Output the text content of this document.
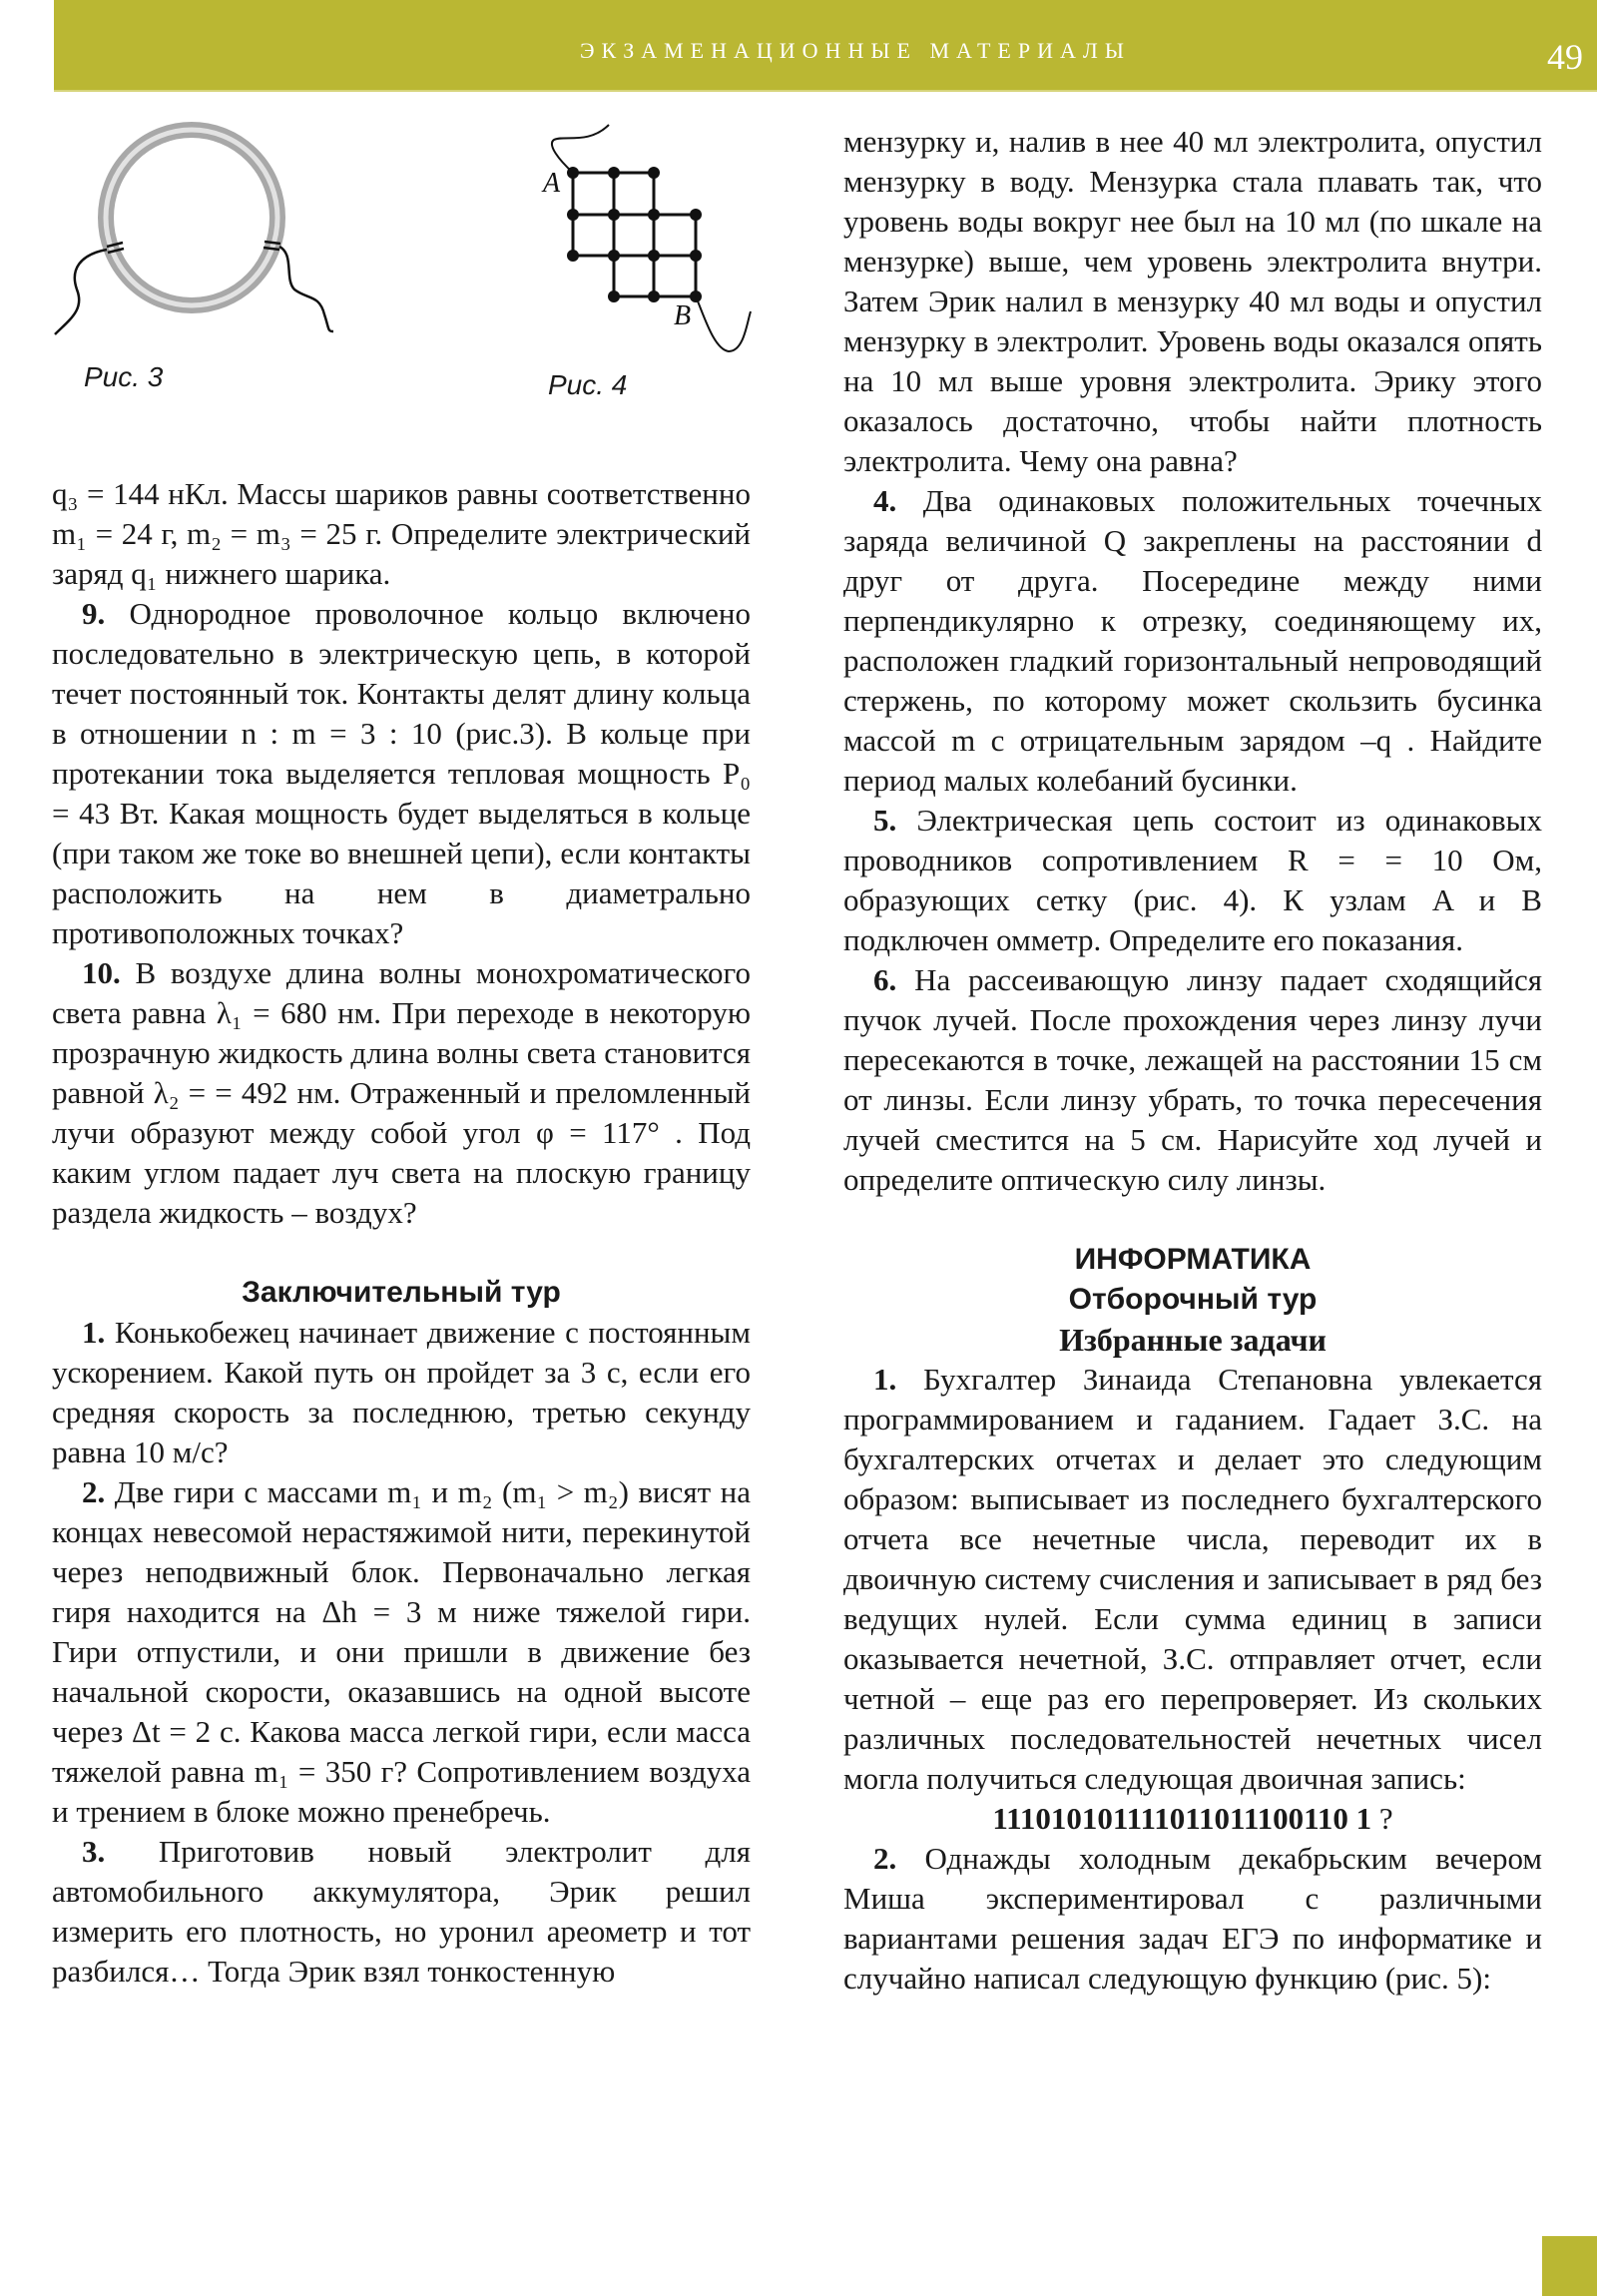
ЭКЗАМЕНАЦИОННЫЕ МАТЕРИАЛЫ	49
Рис. 3
A
B
Рис. 4

q₃ = 144 нКл. Массы шариков равны соответственно m₁ = 24 г, m₂ = m₃ = 25 г. Определите электрический заряд q₁ нижнего шарика.

9. Однородное проволочное кольцо включено последовательно в электрическую цепь, в которой течет постоянный ток. Контакты делят длину кольца в отношении n : m = 3 : 10 (рис.3). В кольце при протекании тока выделяется тепловая мощность P₀ = 43 Вт. Какая мощность будет выделяться в кольце (при таком же токе во внешней цепи), если контакты расположить на нем в диаметрально противоположных точках?

10. В воздухе длина волны монохроматического света равна λ₁ = 680 нм. При переходе в некоторую прозрачную жидкость длина волны света становится равной λ₂ = = 492 нм. Отраженный и преломленный лучи образуют между собой угол φ = 117° . Под каким углом падает луч света на плоскую границу раздела жидкость – воздух?

Заключительный тур

1. Конькобежец начинает движение с постоянным ускорением. Какой путь он пройдет за 3 с, если его средняя скорость за последнюю, третью секунду равна 10 м/с?

2. Две гири с массами m₁ и m₂ (m₁ > m₂) висят на концах невесомой нерастяжимой нити, перекинутой через неподвижный блок. Первоначально легкая гиря находится на Δh = 3 м ниже тяжелой гири. Гири отпустили, и они пришли в движение без начальной скорости, оказавшись на одной высоте через Δt = 2 с. Какова масса легкой гири, если масса тяжелой равна m₁ = 350 г? Сопротивлением воздуха и трением в блоке можно пренебречь.

3. Приготовив новый электролит для автомобильного аккумулятора, Эрик решил измерить его плотность, но уронил ареометр и тот разбился… Тогда Эрик взял тонкостенную

мензурку и, налив в нее 40 мл электролита, опустил мензурку в воду. Мензурка стала плавать так, что уровень воды вокруг нее был на 10 мл (по шкале на мензурке) выше, чем уровень электролита внутри. Затем Эрик налил в мензурку 40 мл воды и опустил мензурку в электролит. Уровень воды оказался опять на 10 мл выше уровня электролита. Эрику этого оказалось достаточно, чтобы найти плотность электролита. Чему она равна?

4. Два одинаковых положительных точечных заряда величиной Q закреплены на расстоянии d друг от друга. Посередине между ними перпендикулярно к отрезку, соединяющему их, расположен гладкий горизонтальный непроводящий стержень, по которому может скользить бусинка массой m с отрицательным зарядом –q . Найдите период малых колебаний бусинки.

5. Электрическая цепь состоит из одинаковых проводников сопротивлением R = = 10 Ом, образующих сетку (рис. 4). К узлам A и B подключен омметр. Определите его показания.

6. На рассеивающую линзу падает сходящийся пучок лучей. После прохождения через линзу лучи пересекаются в точке, лежащей на расстоянии 15 см от линзы. Если линзу убрать, то точка пересечения лучей сместится на 5 см. Нарисуйте ход лучей и определите оптическую силу линзы.

ИНФОРМАТИКА
Отборочный тур
Избранные задачи

1. Бухгалтер Зинаида Степановна увлекается программированием и гаданием. Гадает З.С. на бухгалтерских отчетах и делает это следующим образом: выписывает из последнего бухгалтерского отчета все нечетные числа, переводит их в двоичную систему счисления и записывает в ряд без ведущих нулей. Если сумма единиц в записи оказывается нечетной, З.С. отправляет отчет, если четной – еще раз его перепроверяет. Из скольких различных последовательностей нечетных чисел могла получиться следующая двоичная запись:

111010101111011011100110 1 ?

2. Однажды холодным декабрьским вечером Миша экспериментировал с различными вариантами решения задач ЕГЭ по информатике и случайно написал следующую функцию (рис. 5):
